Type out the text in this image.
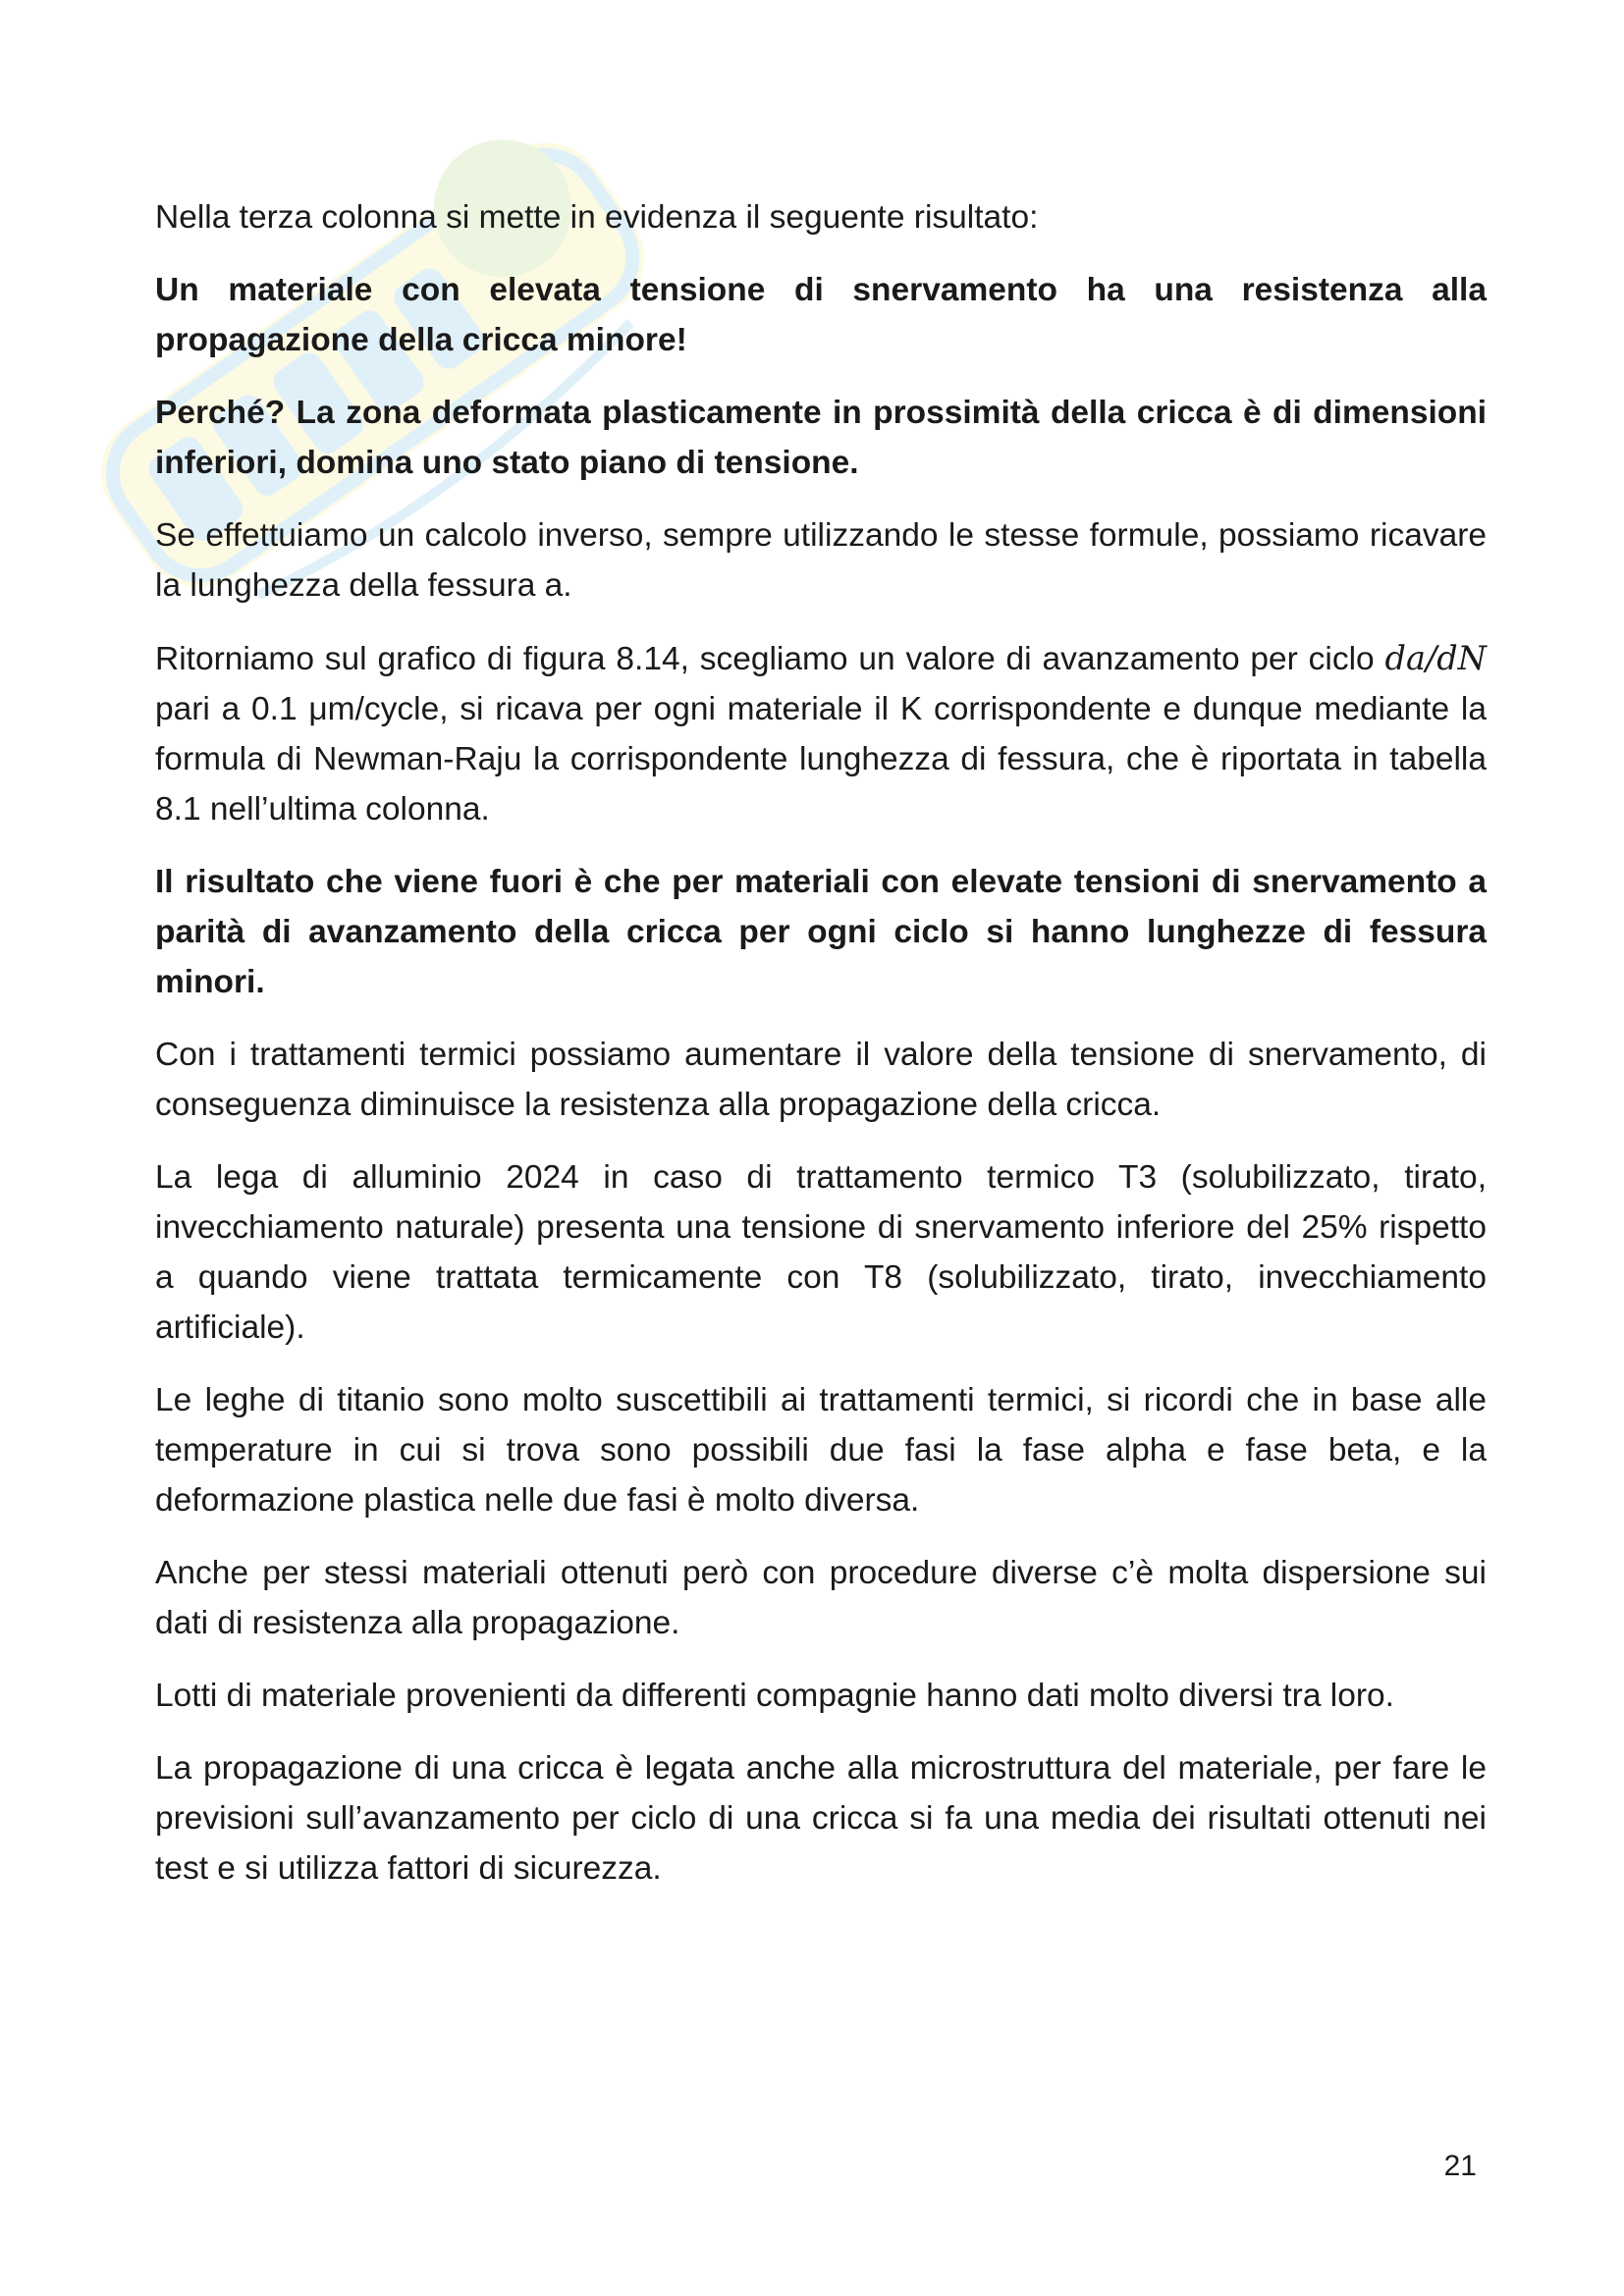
Nella terza colonna si mette in evidenza il seguente risultato:

Un materiale con elevata tensione di snervamento ha una resistenza alla propagazione della cricca minore!

Perché? La zona deformata plasticamente in prossimità della cricca è di dimensioni inferiori, domina uno stato piano di tensione.

Se effettuiamo un calcolo inverso, sempre utilizzando le stesse formule, possiamo ricavare la lunghezza della fessura a.

Ritorniamo sul grafico di figura 8.14, scegliamo un valore di avanzamento per ciclo da/dN pari a 0.1 μm/cycle, si ricava per ogni materiale il K corrispondente e dunque mediante la formula di Newman-Raju la corrispondente lunghezza di fessura, che è riportata in tabella 8.1 nell’ultima colonna.

Il risultato che viene fuori è che per materiali con elevate tensioni di snervamento a parità di avanzamento della cricca per ogni ciclo si hanno lunghezze di fessura minori.

Con i trattamenti termici possiamo aumentare il valore della tensione di snervamento, di conseguenza diminuisce la resistenza alla propagazione della cricca.

La lega di alluminio 2024 in caso di trattamento termico T3 (solubilizzato, tirato, invecchiamento naturale) presenta una tensione di snervamento inferiore del 25% rispetto a quando viene trattata termicamente con T8 (solubilizzato, tirato, invecchiamento artificiale).

Le leghe di titanio sono molto suscettibili ai trattamenti termici, si ricordi che in base alle temperature in cui si trova sono possibili due fasi la fase alpha e fase beta, e la deformazione plastica nelle due fasi è molto diversa.

Anche per stessi materiali ottenuti però con procedure diverse c’è molta dispersione sui dati di resistenza alla propagazione.

Lotti di materiale provenienti da differenti compagnie hanno dati molto diversi tra loro.

La propagazione di una cricca è legata anche alla microstruttura del materiale, per fare le previsioni sull’avanzamento per ciclo di una cricca si fa una media dei risultati ottenuti nei test e si utilizza fattori di sicurezza.

21
